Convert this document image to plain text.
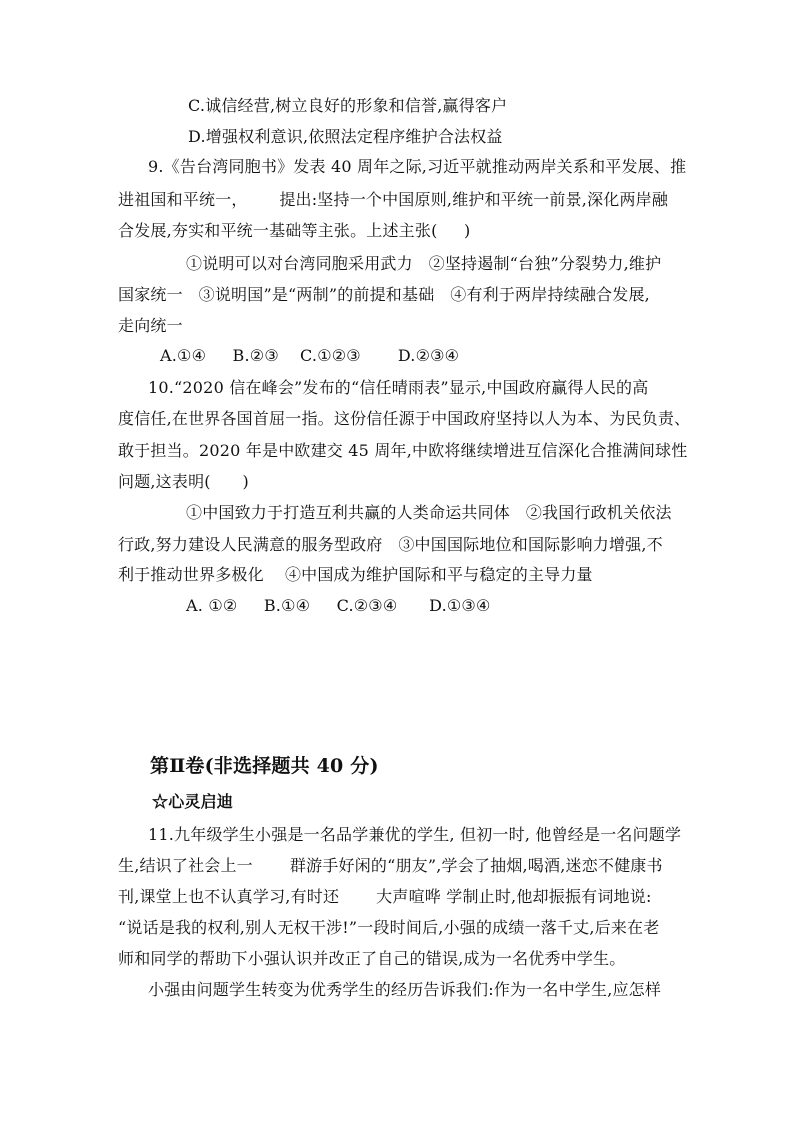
C.诚信经营,树立良好的形象和信誉,赢得客户
D.增强权利意识,依照法定程序维护合法权益
9.《告台湾同胞书》发表 40 周年之际,习近平就推动两岸关系和平发展、推
进祖国和平统一，      提出:坚持一个中国原则,维护和平统一前景,深化两岸融
合发展,夯实和平统一基础等主张。上述主张(     )
①说明可以对台湾同胞采用武力   ②坚持遏制“台独”分裂势力,维护
国家统一   ③说明国”是“两制”的前提和基础   ④有利于两岸持续融合发展,
走向统一
A.①④     B.②③    C.①②③       D.②③④
10.“2020 信在峰会”发布的“信任晴雨表”显示,中国政府赢得人民的高
度信任,在世界各国首屈一指。这份信任源于中国政府坚持以人为本、为民负责、
敢于担当。2020 年是中欧建交 45 周年,中欧将继续增进互信深化合推满间球性
问题,这表明(      )
①中国致力于打造互利共赢的人类命运共同体   ②我国行政机关依法
行政,努力建设人民满意的服务型政府   ③中国国际地位和国际影响力增强,不
利于推动世界多极化    ④中国成为维护国际和平与稳定的主导力量
A. ①②     B.①④     C.②③④      D.①③④
第Ⅱ卷(非选择题共 40 分)
☆心灵启迪
11.九年级学生小强是一名品学兼优的学生, 但初一时, 他曾经是一名问题学
生,结识了社会上一       群游手好闲的“朋友”,学会了抽烟,喝酒,迷恋不健康书
刊,课堂上也不认真学习,有时还       大声喧哗 学制止时,他却振振有词地说:
“说话是我的权利,别人无权干涉!”一段时间后,小强的成绩一落千丈,后来在老
师和同学的帮助下小强认识并改正了自己的错误,成为一名优秀中学生。
小强由问题学生转变为优秀学生的经历告诉我们:作为一名中学生,应怎样
